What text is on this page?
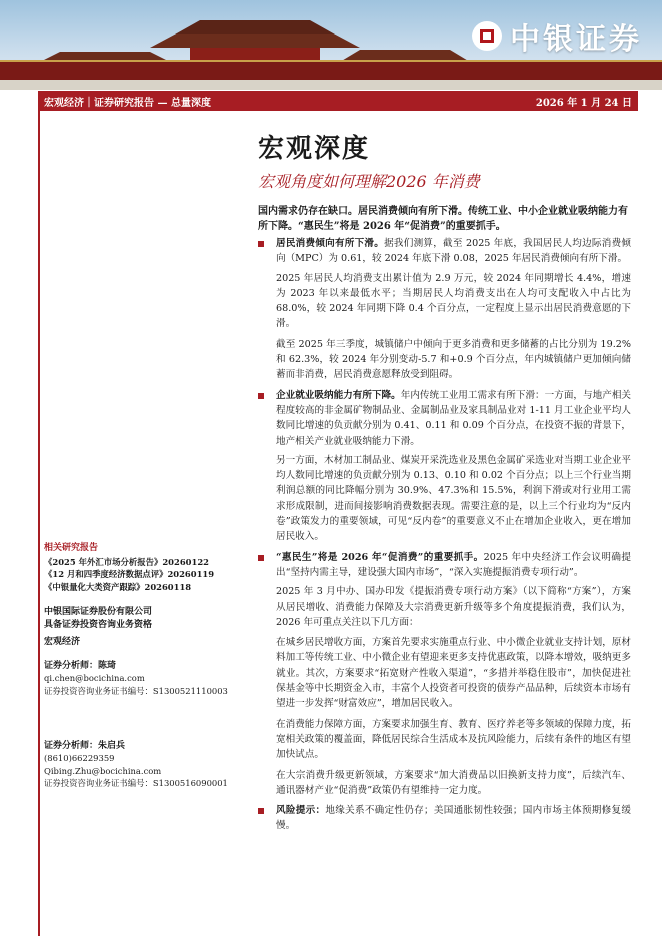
中银证券
宏观经济｜证券研究报告 — 总量深度	2026 年 1 月 24 日
宏观深度
宏观角度如何理解2026 年消费
国内需求仍存在缺口。居民消费倾向有所下滑。传统工业、中小企业就业吸纳能力有所下降。“惠民生”将是 2026 年“促消费”的重要抓手。
居民消费倾向有所下滑。据我们测算，截至 2025 年底，我国居民人均边际消费倾向（MPC）为 0.61，较 2024 年底下滑 0.08，2025 年居民消费倾向有所下滑。

2025 年居民人均消费支出累计值为 2.9 万元，较 2024 年同期增长 4.4%，增速为 2023 年以来最低水平；当期居民人均消费支出在人均可支配收入中占比为 68.0%，较 2024 年同期下降 0.4 个百分点，一定程度上显示出居民消费意愿的下滑。

截至 2025 年三季度，城镇储户中倾向于更多消费和更多储蓄的占比分别为 19.2%和 62.3%，较 2024 年分别变动-5.7 和+0.9 个百分点，年内城镇储户更加倾向储蓄而非消费，居民消费意愿释放受到阻碍。

企业就业吸纳能力有所下降。年内传统工业用工需求有所下滑：一方面，与地产相关程度较高的非金属矿物制品业、金属制品业及家具制品业对 1-11 月工业企业平均人数同比增速的负贡献分别为 0.41、0.11 和 0.09 个百分点，在投资不振的背景下，地产相关产业就业吸纳能力下滑。

另一方面，木材加工制品业、煤炭开采洗选业及黑色金属矿采选业对当期工业企业平均人数同比增速的负贡献分别为 0.13、0.10 和 0.02 个百分点；以上三个行业当期利润总额的同比降幅分别为 30.9%、47.3%和 15.5%，利润下滑或对行业用工需求形成限制，进而间接影响消费数据表现。需要注意的是，以上三个行业均为“反内卷”政策发力的重要领域，可见“反内卷”的重要意义不止在增加企业收入，更在增加居民收入。

“惠民生”将是 2026 年“促消费”的重要抓手。2025 年中央经济工作会议明确提出“坚持内需主导，建设强大国内市场”，“深入实施提振消费专项行动”。

2025 年 3 月中办、国办印发《提振消费专项行动方案》（以下简称“方案”），方案从居民增收、消费能力保障及大宗消费更新升级等多个角度提振消费，我们认为，2026 年可重点关注以下几方面：

在城乡居民增收方面，方案首先要求实施重点行业、中小微企业就业支持计划，原材料加工等传统工业、中小微企业有望迎来更多支持优惠政策，以降本增效，吸纳更多就业。其次，方案要求“拓宽财产性收入渠道”，“多措并举稳住股市”，加快促进社保基金等中长期资金入市，丰富个人投资者可投资的债券产品品种，后续资本市场有望进一步发挥“财富效应”，增加居民收入。

在消费能力保障方面，方案要求加强生育、教育、医疗养老等多领域的保障力度，拓宽相关政策的覆盖面，降低居民综合生活成本及抗风险能力，后续有条件的地区有望加快试点。

在大宗消费升级更新领域，方案要求“加大消费品以旧换新支持力度”，后续汽车、通讯器材产业“促消费”政策仍有望维持一定力度。

风险提示：地缘关系不确定性仍存；美国通胀韧性较强；国内市场主体预期修复缓慢。
相关研究报告
《2025 年外汇市场分析报告》20260122
《12 月和四季度经济数据点评》20260119
《中银量化大类资产跟踪》20260118
中银国际证券股份有限公司
具备证券投资咨询业务资格
宏观经济
证券分析师：陈琦
qi.chen@bocichina.com
证券投资咨询业务证书编号：S1300521110003
证券分析师：朱启兵
(8610)66229359
Qibing.Zhu@bocichina.com
证券投资咨询业务证书编号：S1300516090001
